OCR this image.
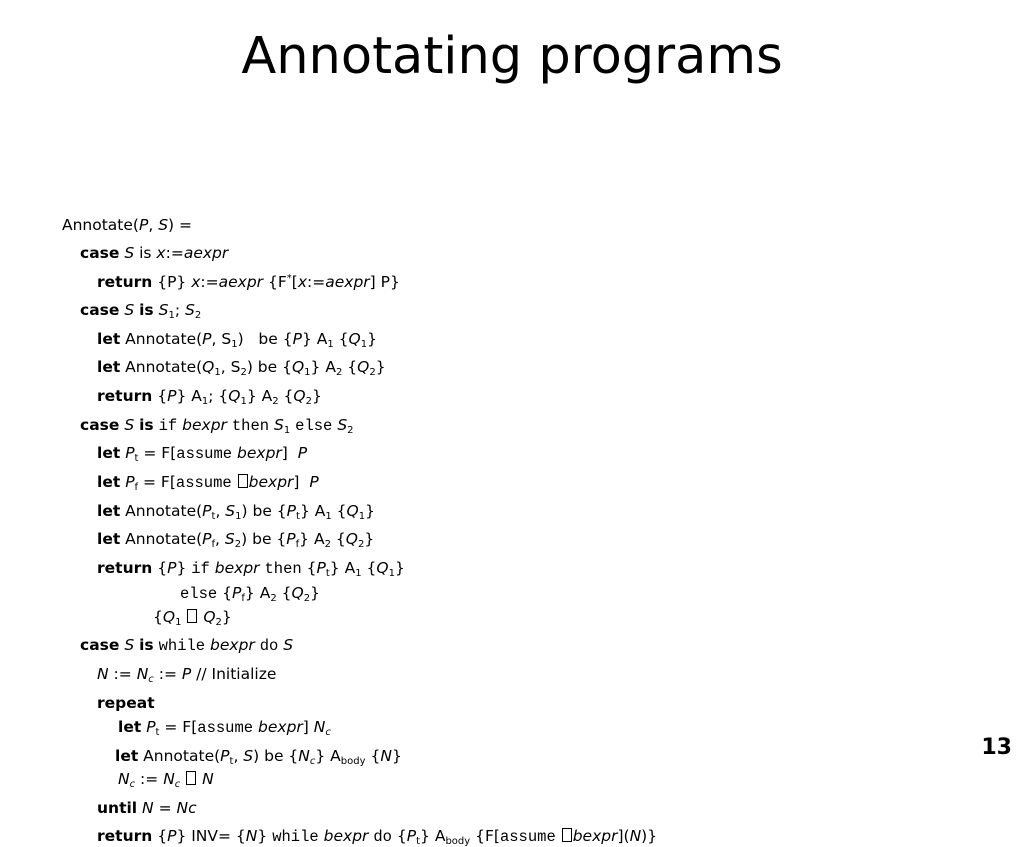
Annotating programs
Annotate(P, S) =
case S is x:=aexpr
return {P} x:=aexpr {F*[x:=aexpr] P}
case S is $S_1$; $S_2$
let Annotate(P, $S_1$)   be {P} $A_1$ $\{Q_1\}$
let $Annotate(Q_1$, $S_2$) be $\{Q_1\}$ $A_2$ $\{Q_2\}$
return {P} $A_1$; $\{Q_1\}$ $A_2$ $\{Q_2\}$
case S is if bexpr then $S_1$ else $S_2$
let $P_t$ = F[assume bexpr]  P
let $P_f$ = F[assume bexpr]  P
let $Annotate(P_t$, $S_1$) be $\{P_t\}$ $A_1$ $\{Q_1\}$
let $Annotate(P_f$, $S_2$) be $\{P_f\}$ $A_2$ $\{Q_2\}$
return {P} if bexpr then $\{P_t\}$ $A_1$ $\{Q_1\}$
else $\{P_f\}$ $A_2$ $\{Q_2\}$
{$Q_1$ $Q_2$}
case S is while bexpr do S
N := $N_c$ := P // Initialize
repeat
let $P_t$ = F[assume bexpr] $N_c$
let $Annotate(P_t$, S) be $\{N_c\}$ $A_{body}$ {N}
$N_c$ := $N_c$ N
until N = Nc
return {P} INV= {N} while bexpr do $\{P_t\}$ $A_{body}$ {F[assume bexpr](N)}
13
